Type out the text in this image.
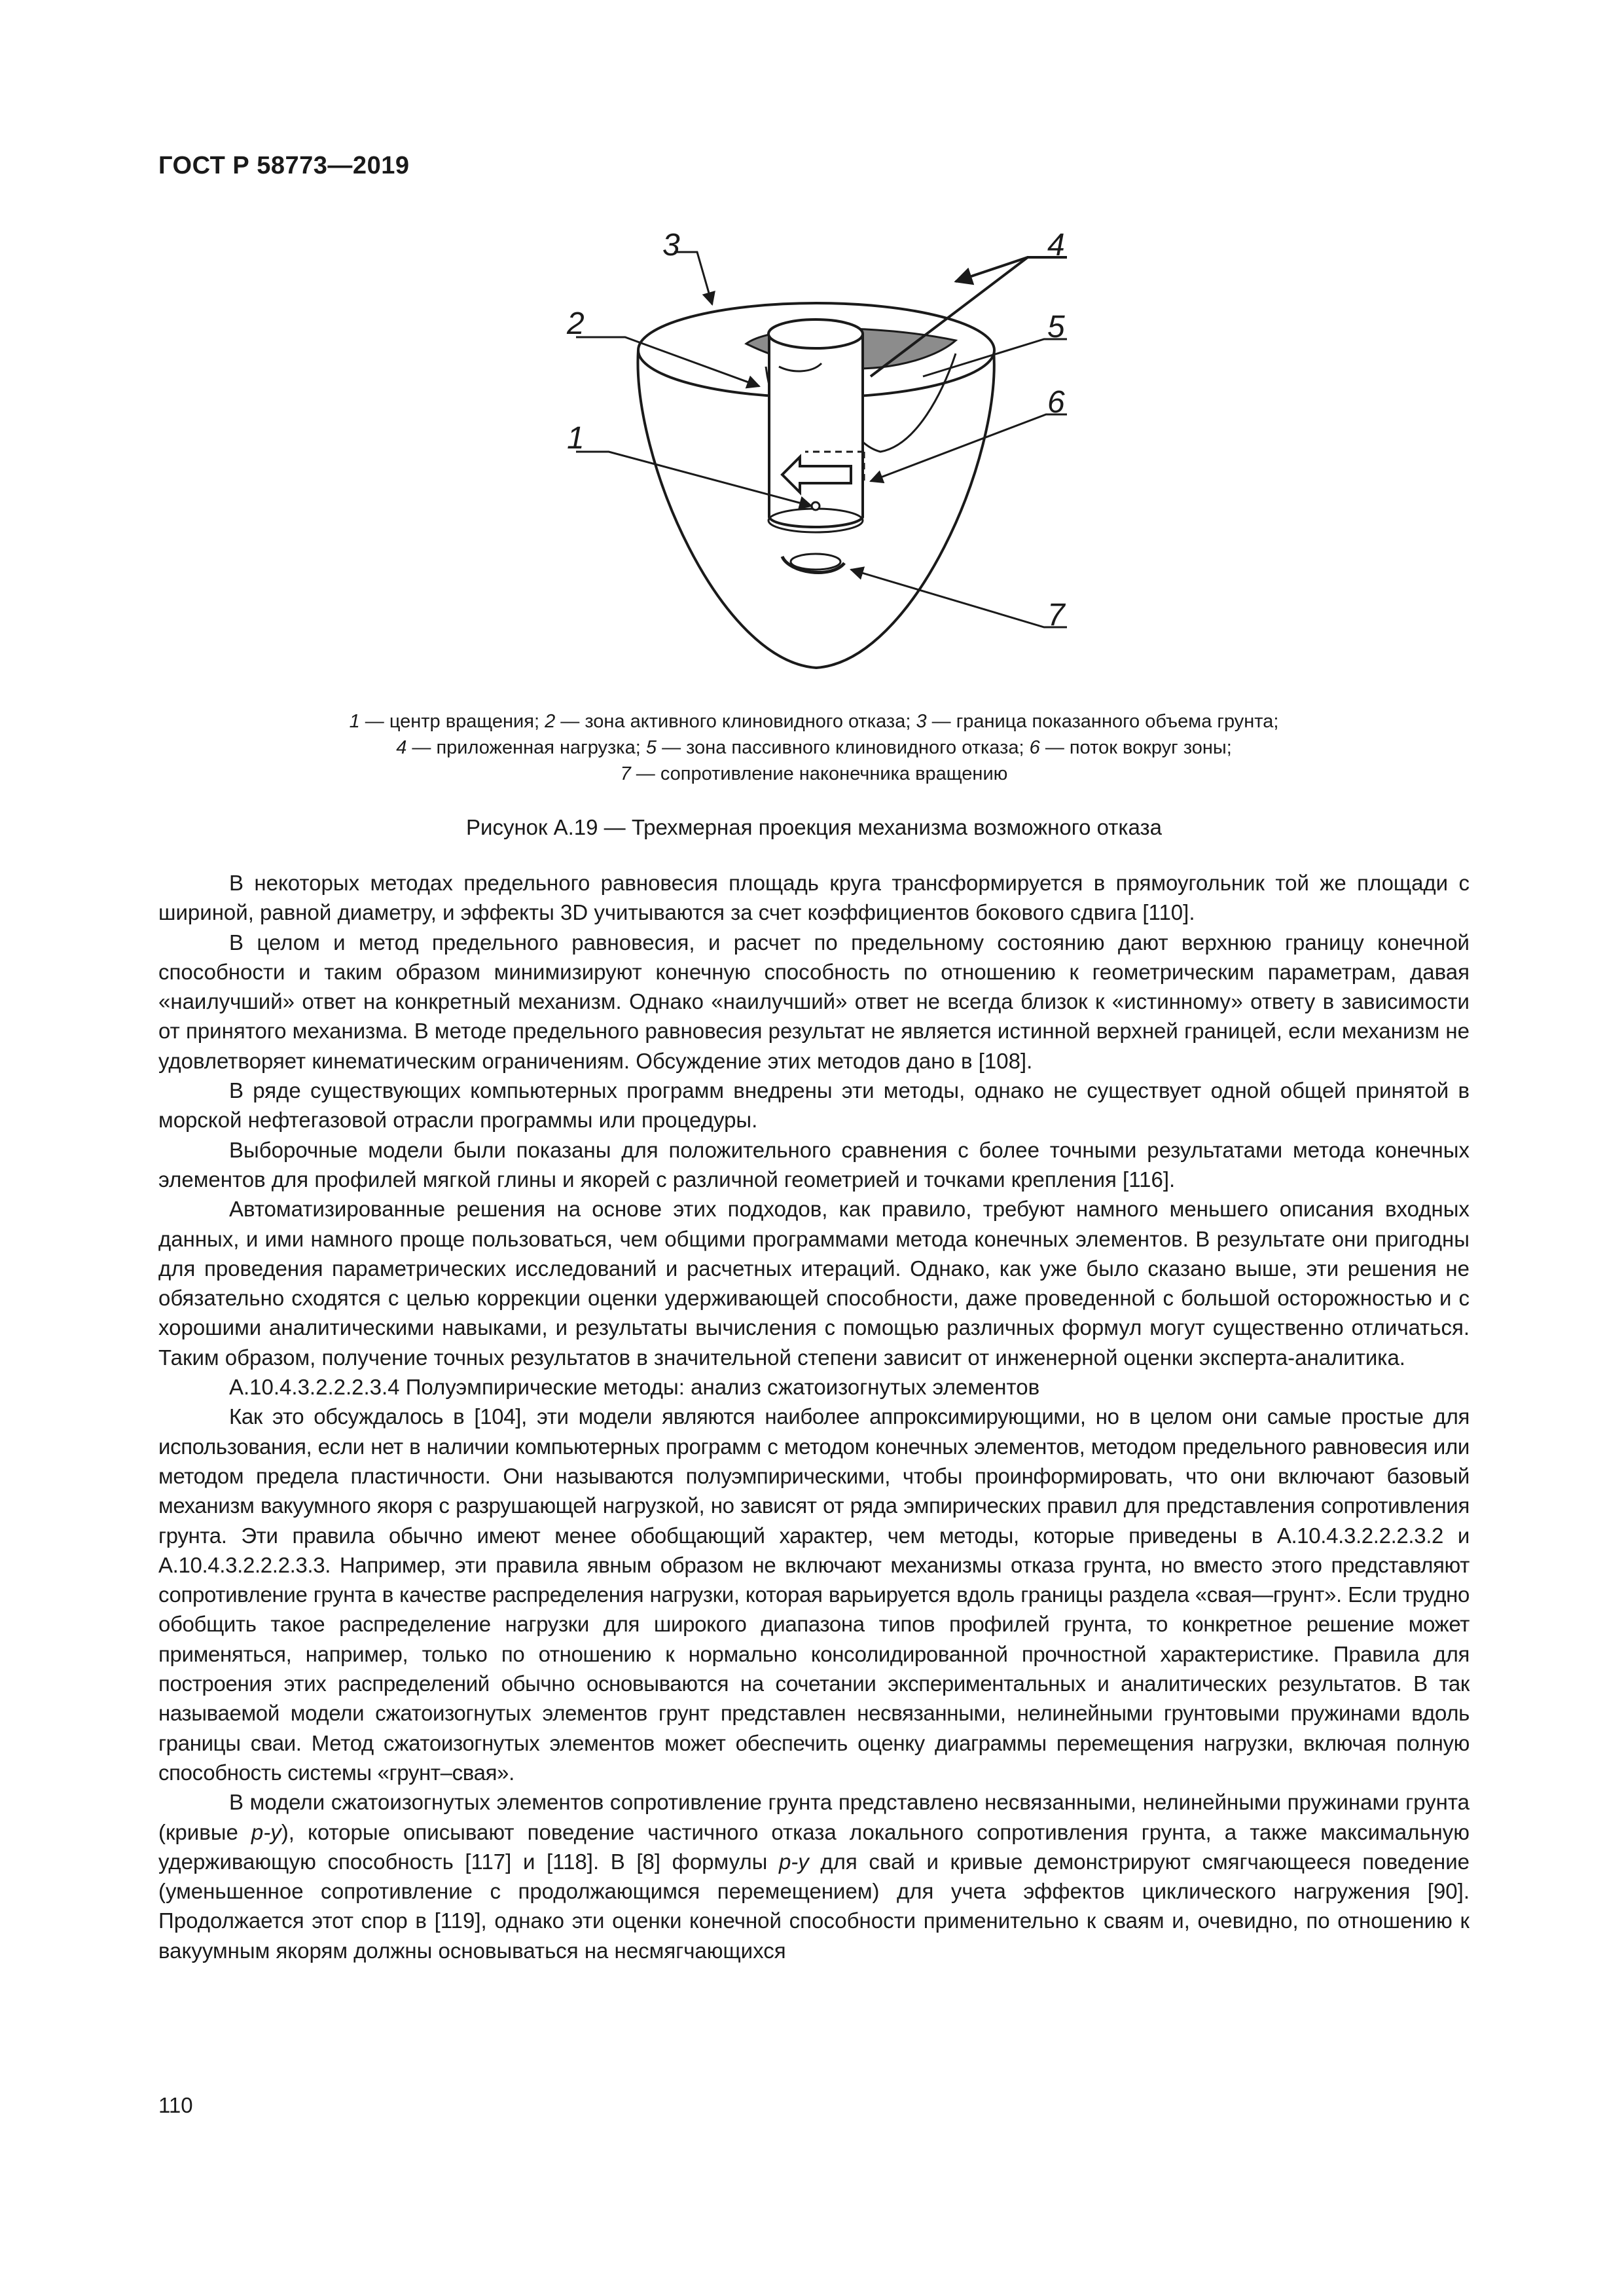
ГОСТ Р 58773—2019
3	4
2	5
6
1
7
1 — центр вращения; 2 — зона активного клиновидного отказа; 3 — граница показанного объема грунта;
4 — приложенная нагрузка; 5 — зона пассивного клиновидного отказа; 6 — поток вокруг зоны;
7 — сопротивление наконечника вращению
Рисунок А.19 — Трехмерная проекция механизма возможного отказа

В некоторых методах предельного равновесия площадь круга трансформируется в прямоугольник той же площади с шириной, равной диаметру, и эффекты 3D учитываются за счет коэффициентов бокового сдвига [110].

В целом и метод предельного равновесия, и расчет по предельному состоянию дают верхнюю границу конечной способности и таким образом минимизируют конечную способность по отношению к геометрическим параметрам, давая «наилучший» ответ на конкретный механизм. Однако «наилучший» ответ не всегда близок к «истинному» ответу в зависимости от принятого механизма. В методе предельного равновесия результат не является истинной верхней границей, если механизм не удовлетворяет кинематическим ограничениям. Обсуждение этих методов дано в [108].

В ряде существующих компьютерных программ внедрены эти методы, однако не существует одной общей принятой в морской нефтегазовой отрасли программы или процедуры.

Выборочные модели были показаны для положительного сравнения с более точными результатами метода конечных элементов для профилей мягкой глины и якорей с различной геометрией и точками крепления [116].

Автоматизированные решения на основе этих подходов, как правило, требуют намного меньшего описания входных данных, и ими намного проще пользоваться, чем общими программами метода конечных элементов. В результате они пригодны для проведения параметрических исследований и расчетных итераций. Однако, как уже было сказано выше, эти решения не обязательно сходятся с целью коррекции оценки удерживающей способности, даже проведенной с большой осторожностью и с хорошими аналитическими навыками, и результаты вычисления с помощью различных формул могут существенно отличаться. Таким образом, получение точных результатов в значительной степени зависит от инженерной оценки эксперта-аналитика.

А.10.4.3.2.2.2.3.4 Полуэмпирические методы: анализ сжатоизогнутых элементов

Как это обсуждалось в [104], эти модели являются наиболее аппроксимирующими, но в целом они самые простые для использования, если нет в наличии компьютерных программ с методом конечных элементов, методом предельного равновесия или методом предела пластичности. Они называются полуэмпирическими, чтобы проинформировать, что они включают базовый механизм вакуумного якоря с разрушающей нагрузкой, но зависят от ряда эмпирических правил для представления сопротивления грунта. Эти правила обычно имеют менее обобщающий характер, чем методы, которые приведены в А.10.4.3.2.2.2.3.2 и А.10.4.3.2.2.2.3.3. Например, эти правила явным образом не включают механизмы отказа грунта, но вместо этого представляют сопротивление грунта в качестве распределения нагрузки, которая варьируется вдоль границы раздела «свая—грунт». Если трудно обобщить такое распределение нагрузки для широкого диапазона типов профилей грунта, то конкретное решение может применяться, например, только по отношению к нормально консолидированной прочностной характеристике. Правила для построения этих распределений обычно основываются на сочетании экспериментальных и аналитических результатов. В так называемой модели сжатоизогнутых элементов грунт представлен несвязанными, нелинейными грунтовыми пружинами вдоль границы сваи. Метод сжатоизогнутых элементов может обеспечить оценку диаграммы перемещения нагрузки, включая полную способность системы «грунт–свая».

В модели сжатоизогнутых элементов сопротивление грунта представлено несвязанными, нелинейными пружинами грунта (кривые p-y), которые описывают поведение частичного отказа локального сопротивления грунта, а также максимальную удерживающую способность [117] и [118]. В [8] формулы p-y для свай и кривые демонстрируют смягчающееся поведение (уменьшенное сопротивление с продолжающимся перемещением) для учета эффектов циклического нагружения [90]. Продолжается этот спор в [119], однако эти оценки конечной способности применительно к сваям и, очевидно, по отношению к вакуумным якорям должны основываться на несмягчающихся

110
